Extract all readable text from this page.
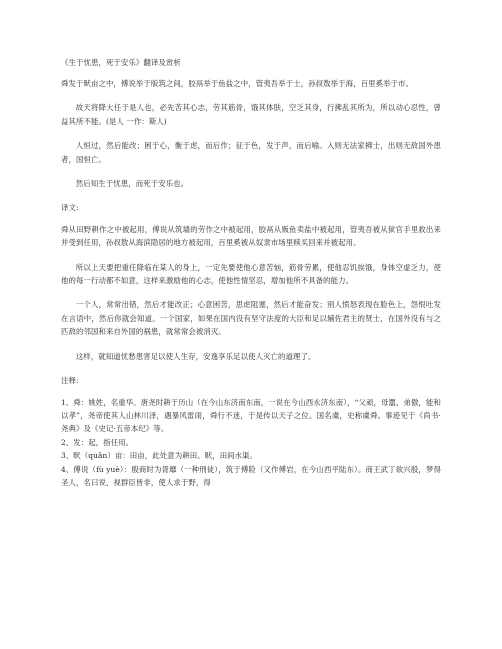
《生于忧患，死于安乐》翻译及赏析

舜发于畎亩之中，傅说举于版筑之间，胶鬲举于鱼盐之中，管夷吾举于士，孙叔敖举于海，百里奚举于市。

故天将降大任于是人也，必先苦其心志，劳其筋骨，饿其体肤，空乏其身，行拂乱其所为，所以动心忍性，曾益其所不能。(是人 一作：斯人)

人恒过，然后能改；困于心，衡于虑，而后作；征于色，发于声，而后喻。入则无法家拂士，出则无敌国外患者，国恒亡。

然后知生于忧患，而死于安乐也。

译文:

舜从田野耕作之中被起用，傅说从筑墙的劳作之中被起用，胶鬲从贩鱼卖盐中被起用，管夷吾被从狱官手里救出来并受到任用，孙叔敖从海滨隐居的地方被起用，百里奚被从奴隶市场里赎买回来并被起用。

所以上天要把重任降临在某人的身上，一定先要使他心意苦恼，筋骨劳累，使他忍饥挨饿，身体空虚乏力，使他的每一行动都不如意，这样来激励他的心志，使他性情坚忍，增加他所不具备的能力。

一个人，常常出错，然后才能改正；心意困苦，思虑阻塞，然后才能奋发；别人愤怒表现在脸色上，怨恨吐发在言语中，然后你就会知道。一个国家，如果在国内没有坚守法度的大臣和足以辅佐君主的贤士，在国外没有与之匹敌的邻国和来自外国的祸患，就常常会被消灭。

这样，就知道忧愁患害足以使人生存，安逸享乐足以使人灭亡的道理了。

注释:

1、舜：姚姓，名重华。唐尧时耕于历山（在今山东济南东南，一说在今山西永济东南），“父顽，母嚚，弟傲，能和以孝”，尧帝使其人山林川泽，遇暴风雷雨，舜行不迷，于是传以天子之位。国名虞，史称虞舜。事迹见于《尚书·尧典》及《史记·五帝本纪》等。

2、发：起，指任用。

3、畎（quǎn）亩：田亩，此处意为耕田。畎，田间水渠。

4、傅说（fù yuè）：殷商时为胥靡（一种刑徒），筑于傅险（又作傅岩，在今山西平陆东）。商王武丁欲兴殷，梦得圣人，名曰说，视群臣皆非，使人求于野，得
